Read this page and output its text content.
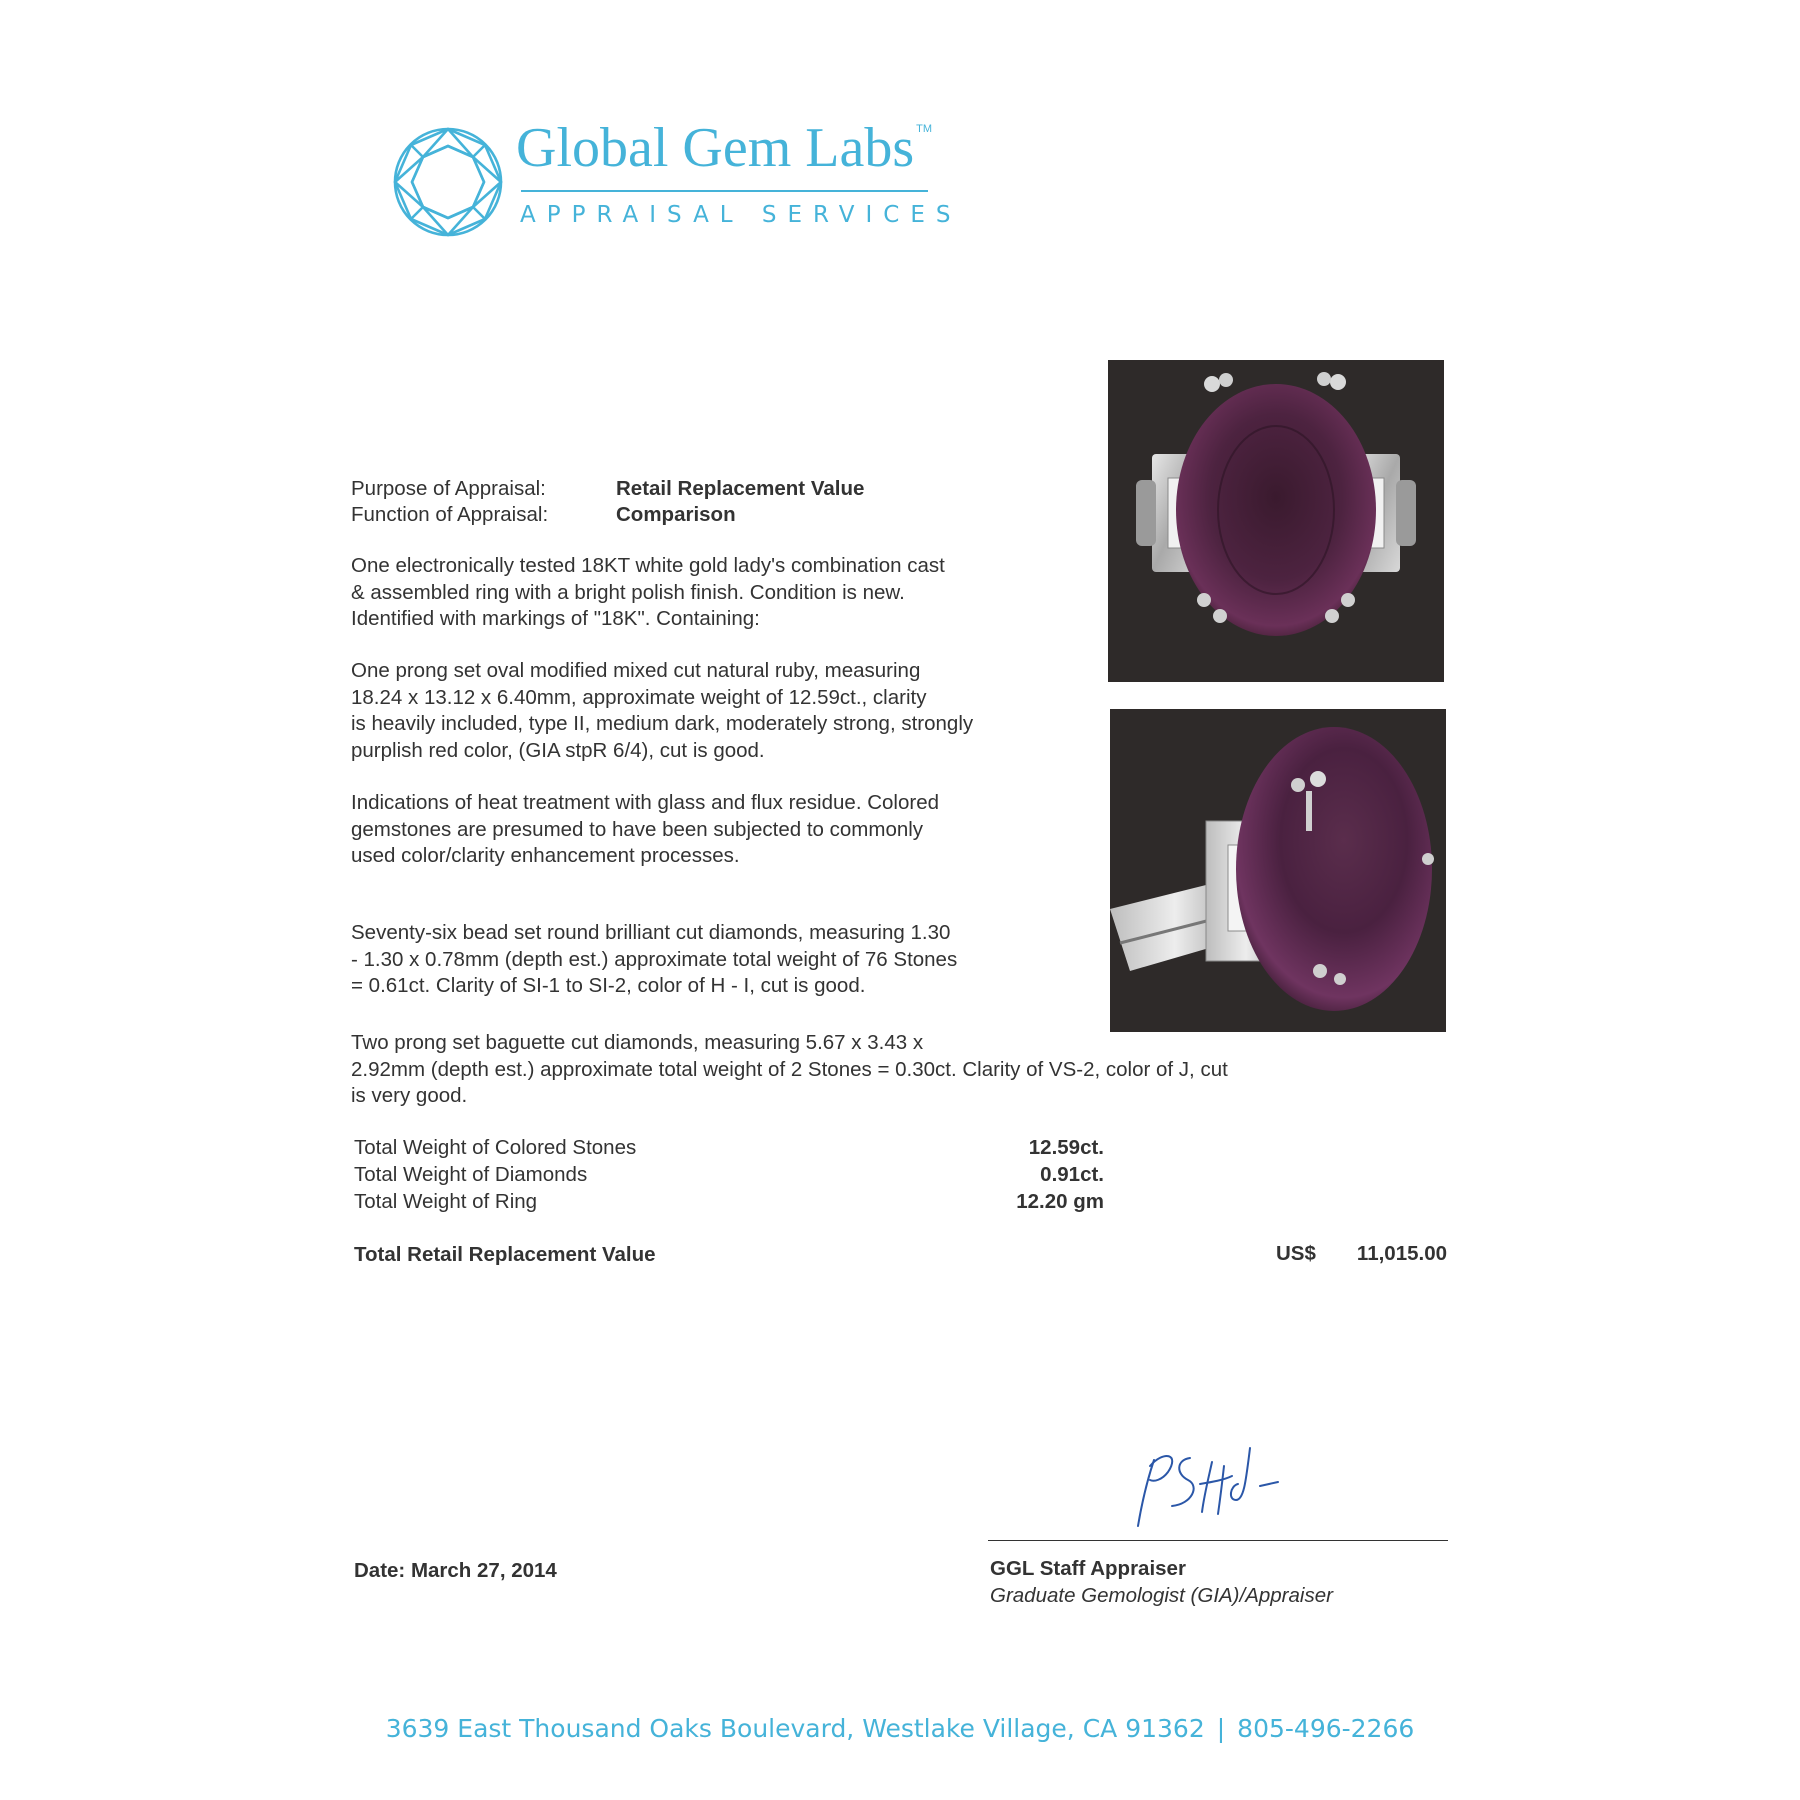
Global Gem Labs ™
APPRAISAL SERVICES
Purpose of Appraisal:	Retail Replacement Value
Function of Appraisal:	Comparison
One electronically tested 18KT white gold lady's combination cast
& assembled ring with a bright polish finish. Condition is new.
Identified with markings of "18K". Containing:
One prong set oval modified mixed cut natural ruby, measuring
18.24 x 13.12 x 6.40mm, approximate weight of 12.59ct., clarity
is heavily included, type II, medium dark, moderately strong, strongly
purplish red color, (GIA stpR 6/4), cut is good.
Indications of heat treatment with glass and flux residue. Colored
gemstones are presumed to have been subjected to commonly
used color/clarity enhancement processes.
Seventy-six bead set round brilliant cut diamonds, measuring 1.30
- 1.30 x 0.78mm (depth est.) approximate total weight of 76 Stones
= 0.61ct. Clarity of SI-1 to SI-2, color of H - I, cut is good.
Two prong set baguette cut diamonds, measuring 5.67 x 3.43 x
2.92mm (depth est.) approximate total weight of 2 Stones = 0.30ct. Clarity of VS-2, color of J, cut
is very good.
Total Weight of Colored Stones	12.59ct.
Total Weight of Diamonds	0.91ct.
Total Weight of Ring	12.20 gm
Total Retail Replacement Value	US$ 11,015.00
Date: March 27, 2014	GGL Staff Appraiser
Graduate Gemologist (GIA)/Appraiser
3639 East Thousand Oaks Boulevard, Westlake Village, CA 91362 | 805-496-2266
